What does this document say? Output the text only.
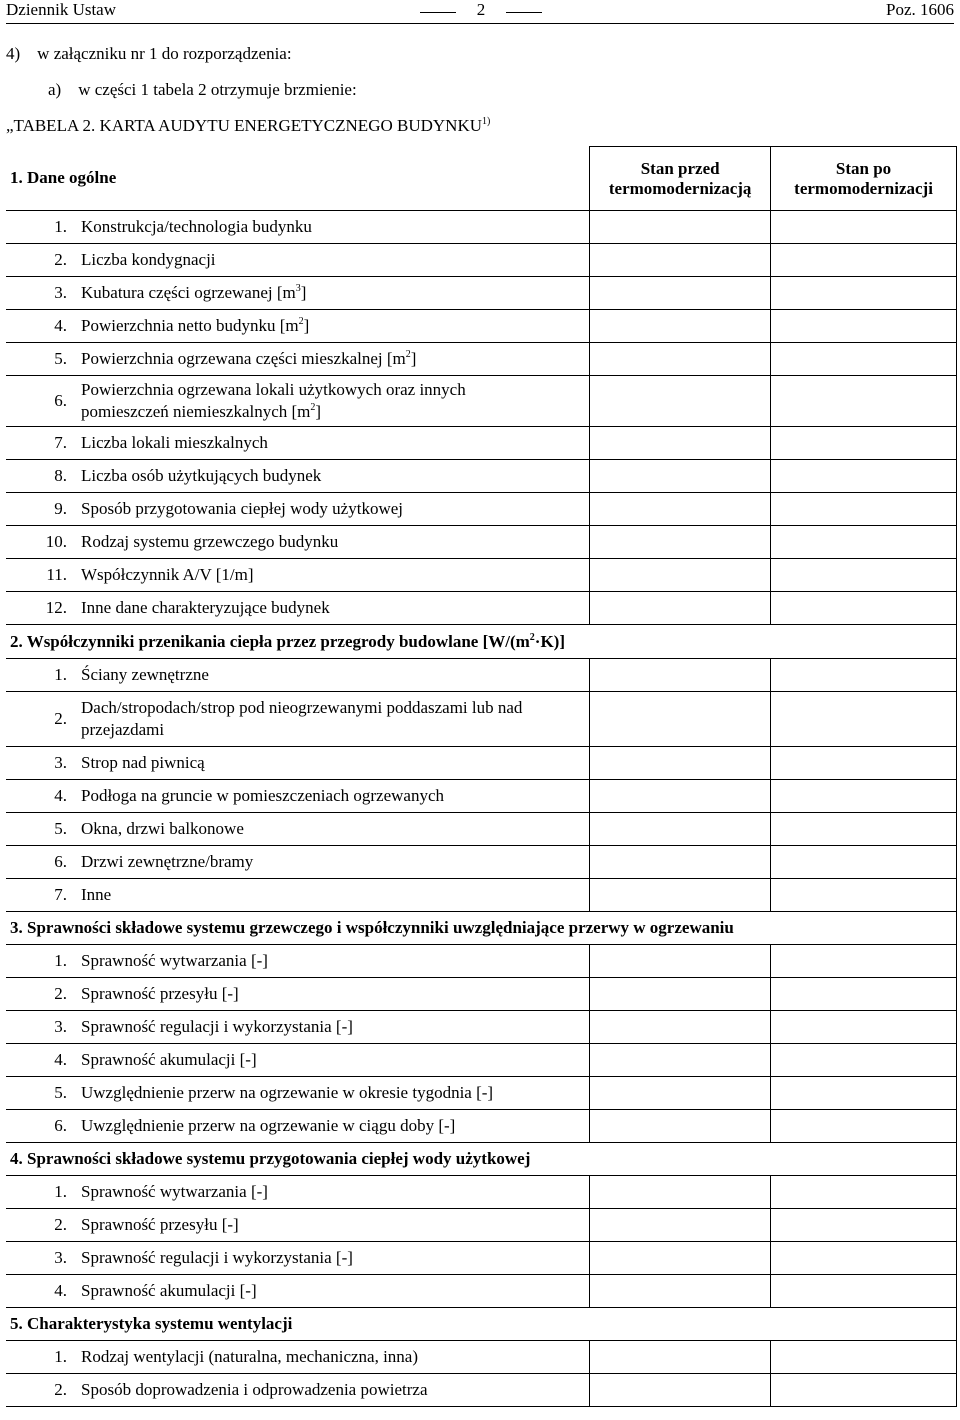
Dziennik Ustaw	2	Poz. 1606
4) w załączniku nr 1 do rozporządzenia:
a) w części 1 tabela 2 otrzymuje brzmienie:
„TABELA 2. KARTA AUDYTU ENERGETYCZNEGO BUDYNKU$^{1)}$
1. Dane ogólne	Stan przed termomodernizacją	Stan po termomodernizacji

1. Konstrukcja/technologia budynku		

2. Liczba kondygnacji		

3. Kubatura części ogrzewanej $[m^3]$		

4. Powierzchnia netto budynku $[m^2]$		

5. Powierzchnia ogrzewana części mieszkalnej $[m^2]$		

6.
Powierzchnia ogrzewana lokali użytkowych oraz innych pomieszczeń niemieszkalnych $[m^2]$		

7. Liczba lokali mieszkalnych		

8. Liczba osób użytkujących budynek		

9. Sposób przygotowania ciepłej wody użytkowej		

10. Rodzaj systemu grzewczego budynku		

11. Współczynnik A/V [1/m]		

12. Inne dane charakteryzujące budynek		

2. Współczynniki przenikania ciepła przez przegrody budowlane $[W/(m^2\cdot K)]$		

1. Ściany zewnętrzne		

2.
Dach/stropodach/strop pod nieogrzewanymi poddaszami lub nad przejazdami		

3. Strop nad piwnicą		

4. Podłoga na gruncie w pomieszczeniach ogrzewanych		

5. Okna, drzwi balkonowe		

6. Drzwi zewnętrzne/bramy		

7. Inne		

3. Sprawności składowe systemu grzewczego i współczynniki uwzględniające przerwy w ogrzewaniu		

1. Sprawność wytwarzania [-]		

2. Sprawność przesyłu [-]		

3. Sprawność regulacji i wykorzystania [-]		

4. Sprawność akumulacji [-]		

5. Uwzględnienie przerw na ogrzewanie w okresie tygodnia [-]		

6. Uwzględnienie przerw na ogrzewanie w ciągu doby [-]		

4. Sprawności składowe systemu przygotowania ciepłej wody użytkowej		

1. Sprawność wytwarzania [-]		

2. Sprawność przesyłu [-]		

3. Sprawność regulacji i wykorzystania [-]		

4. Sprawność akumulacji [-]		

5. Charakterystyka systemu wentylacji		

1. Rodzaj wentylacji (naturalna, mechaniczna, inna)		

2. Sposób doprowadzenia i odprowadzenia powietrza		
